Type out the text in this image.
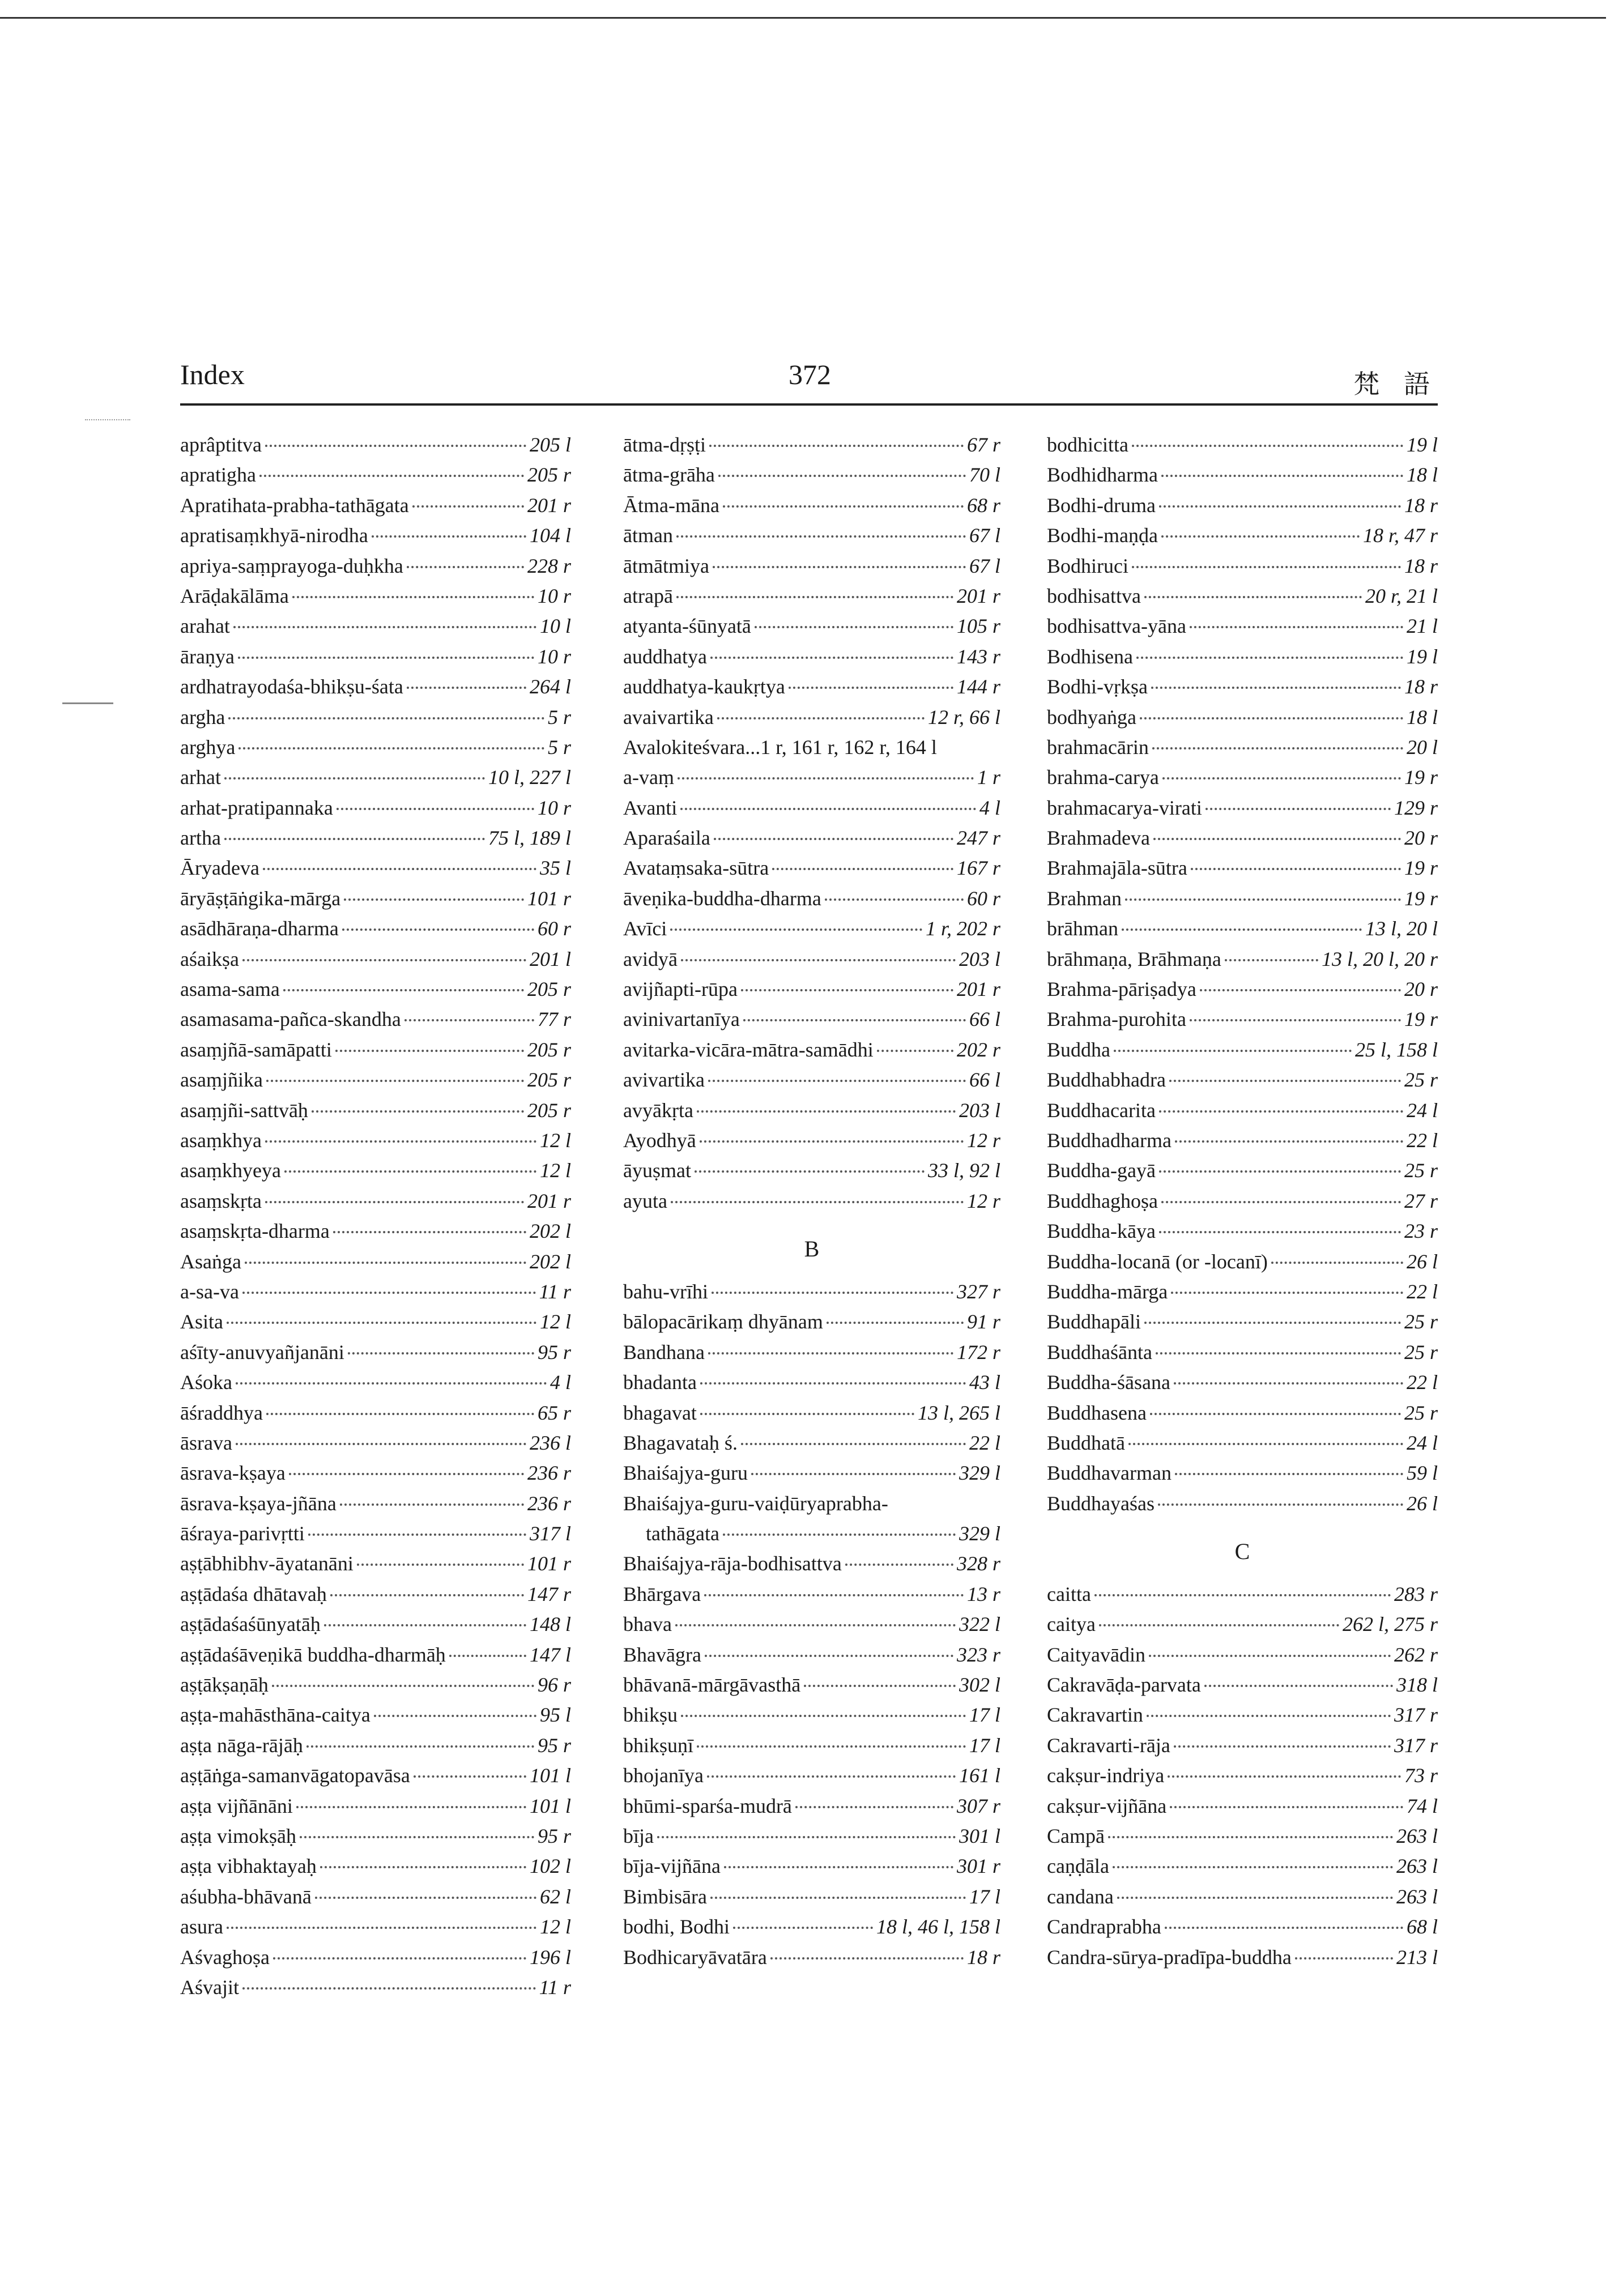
Index	372	梵 語
aprâptitva	205 l
apratigha	205 r
Apratihata-prabha-tathāgata	201 r
apratisaṃkhyā-nirodha	104 l
apriya-saṃprayoga-duḥkha	228 r
Arāḍakālāma	10 r
arahat	10 l
āraṇya	10 r
ardhatrayodaśa-bhikṣu-śata	264 l
argha	5 r
arghya	5 r
arhat	10 l, 227 l
arhat-pratipannaka	10 r
artha	75 l, 189 l
Āryadeva	35 l
āryāṣṭāṅgika-mārga	101 r
asādhāraṇa-dharma	60 r
aśaikṣa	201 l
asama-sama	205 r
asamasama-pañca-skandha	77 r
asaṃjñā-samāpatti	205 r
asaṃjñika	205 r
asaṃjñi-sattvāḥ	205 r
asaṃkhya	12 l
asaṃkhyeya	12 l
asaṃskṛta	201 r
asaṃskṛta-dharma	202 l
Asaṅga	202 l
a-sa-va	11 r
Asita	12 l
aśīty-anuvyañjanāni	95 r
Aśoka	4 l
āśraddhya	65 r
āsrava	236 l
āsrava-kṣaya	236 r
āsrava-kṣaya-jñāna	236 r
āśraya-parivṛtti	317 l
aṣṭābhibhv-āyatanāni	101 r
aṣṭādaśa dhātavaḥ	147 r
aṣṭādaśaśūnyatāḥ	148 l
aṣṭādaśāveṇikā buddha-dharmāḥ	147 l
aṣṭākṣaṇāḥ	96 r
aṣṭa-mahāsthāna-caitya	95 l
aṣṭa nāga-rājāḥ	95 r
aṣṭāṅga-samanvāgatopavāsa	101 l
aṣṭa vijñānāni	101 l
aṣṭa vimokṣāḥ	95 r
aṣṭa vibhaktayaḥ	102 l
aśubha-bhāvanā	62 l
asura	12 l
Aśvaghoṣa	196 l
Aśvajit	11 r
ātma-dṛṣṭi	67 r
ātma-grāha	70 l
Ātma-māna	68 r
ātman	67 l
ātmātmiya	67 l
atrapā	201 r
atyanta-śūnyatā	105 r
auddhatya	143 r
auddhatya-kaukṛtya	144 r
avaivartika	12 r, 66 l
Avalokiteśvara...1 r, 161 r, 162 r, 164 l
a-vaṃ	1 r
Avanti	4 l
Aparaśaila	247 r
Avataṃsaka-sūtra	167 r
āveṇika-buddha-dharma	60 r
Avīci	1 r, 202 r
avidyā	203 l
avijñapti-rūpa	201 r
avinivartanīya	66 l
avitarka-vicāra-mātra-samādhi	202 r
avivartika	66 l
avyākṛta	203 l
Ayodhyā	12 r
āyuṣmat	33 l, 92 l
ayuta	12 r
B
bahu-vrīhi	327 r
bālopacārikaṃ dhyānam	91 r
Bandhana	172 r
bhadanta	43 l
bhagavat	13 l, 265 l
Bhagavataḥ ś.	22 l
Bhaiśajya-guru	329 l
Bhaiśajya-guru-vaiḍūryaprabha-
tathāgata	329 l
Bhaiśajya-rāja-bodhisattva	328 r
Bhārgava	13 r
bhava	322 l
Bhavāgra	323 r
bhāvanā-mārgāvasthā	302 l
bhikṣu	17 l
bhikṣuṇī	17 l
bhojanīya	161 l
bhūmi-sparśa-mudrā	307 r
bīja	301 l
bīja-vijñāna	301 r
Bimbisāra	17 l
bodhi, Bodhi	18 l, 46 l, 158 l
Bodhicaryāvatāra	18 r
bodhicitta	19 l
Bodhidharma	18 l
Bodhi-druma	18 r
Bodhi-maṇḍa	18 r, 47 r
Bodhiruci	18 r
bodhisattva	20 r, 21 l
bodhisattva-yāna	21 l
Bodhisena	19 l
Bodhi-vṛkṣa	18 r
bodhyaṅga	18 l
brahmacārin	20 l
brahma-carya	19 r
brahmacarya-virati	129 r
Brahmadeva	20 r
Brahmajāla-sūtra	19 r
Brahman	19 r
brāhman	13 l, 20 l
brāhmaṇa, Brāhmaṇa	13 l, 20 l, 20 r
Brahma-pāriṣadya	20 r
Brahma-purohita	19 r
Buddha	25 l, 158 l
Buddhabhadra	25 r
Buddhacarita	24 l
Buddhadharma	22 l
Buddha-gayā	25 r
Buddhaghoṣa	27 r
Buddha-kāya	23 r
Buddha-locanā (or -locanī)	26 l
Buddha-mārga	22 l
Buddhapāli	25 r
Buddhaśānta	25 r
Buddha-śāsana	22 l
Buddhasena	25 r
Buddhatā	24 l
Buddhavarman	59 l
Buddhayaśas	26 l
C
caitta	283 r
caitya	262 l, 275 r
Caityavādin	262 r
Cakravāḍa-parvata	318 l
Cakravartin	317 r
Cakravarti-rāja	317 r
cakṣur-indriya	73 r
cakṣur-vijñāna	74 l
Campā	263 l
caṇḍāla	263 l
candana	263 l
Candraprabha	68 l
Candra-sūrya-pradīpa-buddha	213 l
